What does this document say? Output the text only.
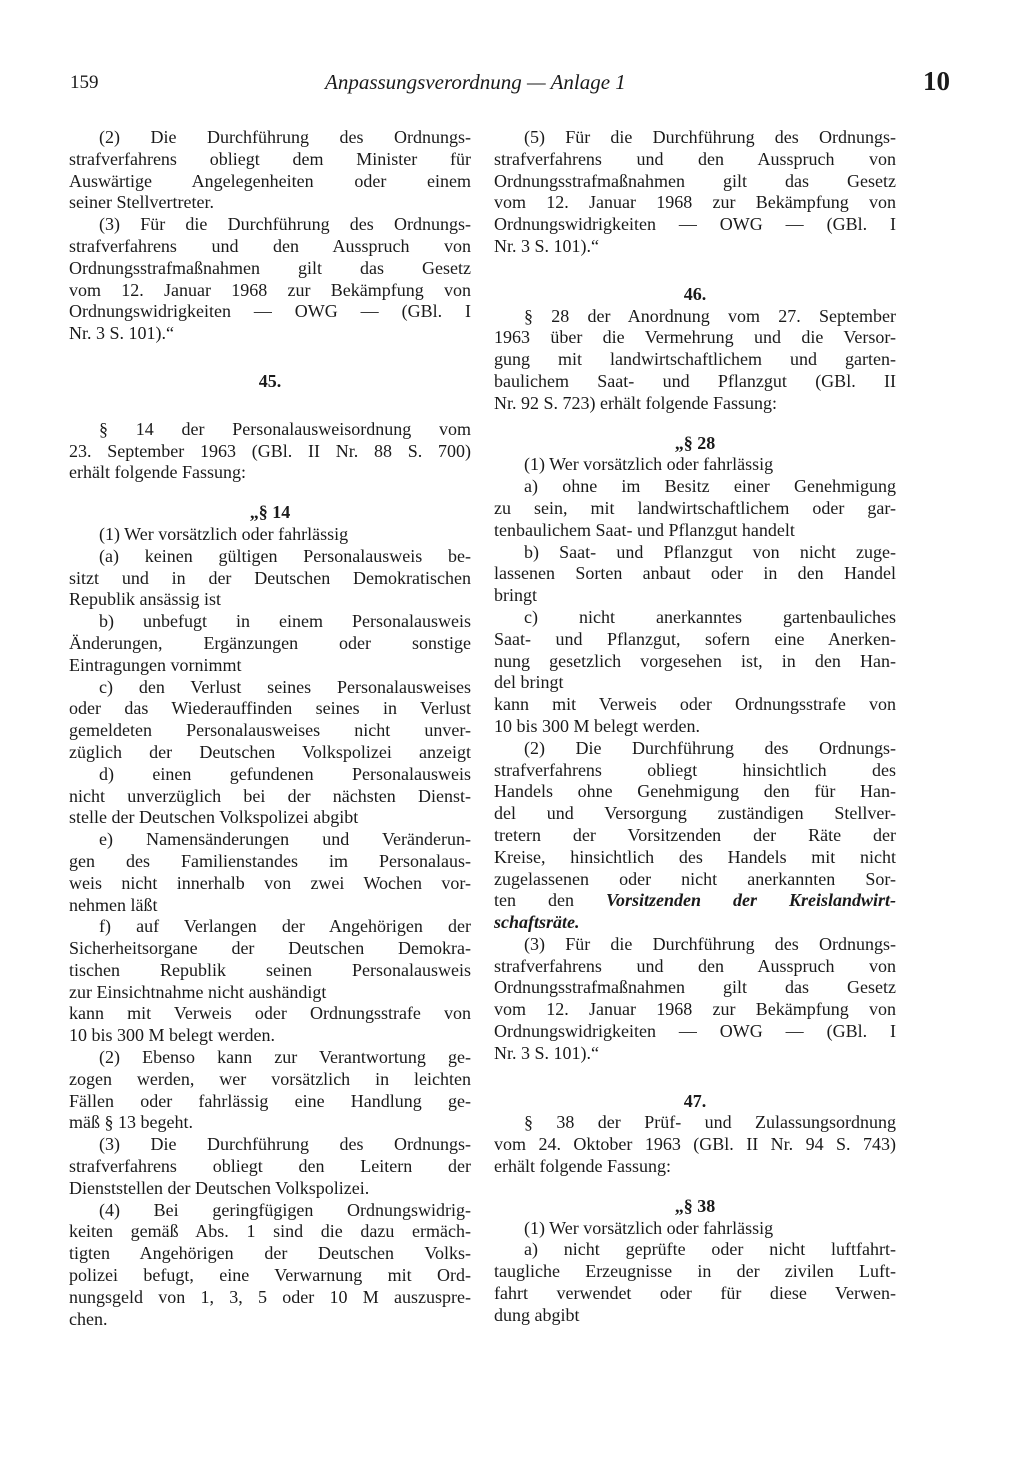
159	Anpassungsverordnung — Anlage 1	10
(2) Die Durchführung des Ordnungs-
strafverfahrens obliegt dem Minister für
Auswärtige Angelegenheiten oder einem
seiner Stellvertreter.
(3) Für die Durchführung des Ordnungs-
strafverfahrens und den Ausspruch von
Ordnungsstrafmaßnahmen gilt das Gesetz
vom 12. Januar 1968 zur Bekämpfung von
Ordnungswidrigkeiten — OWG — (GBl. I
Nr. 3 S. 101).“
45.
§ 14 der Personalausweisordnung vom
23. September 1963 (GBl. II Nr. 88 S. 700)
erhält folgende Fassung:
„§ 14
(1) Wer vorsätzlich oder fahrlässig
(a) keinen gültigen Personalausweis be-
sitzt und in der Deutschen Demokratischen
Republik ansässig ist
b) unbefugt in einem Personalausweis
Änderungen, Ergänzungen oder sonstige
Eintragungen vornimmt
c) den Verlust seines Personalausweises
oder das Wiederauffinden seines in Verlust
gemeldeten Personalausweises nicht unver-
züglich der Deutschen Volkspolizei anzeigt
d) einen gefundenen Personalausweis
nicht unverzüglich bei der nächsten Dienst-
stelle der Deutschen Volkspolizei abgibt
e) Namensänderungen und Veränderun-
gen des Familienstandes im Personalaus-
weis nicht innerhalb von zwei Wochen vor-
nehmen läßt
f) auf Verlangen der Angehörigen der
Sicherheitsorgane der Deutschen Demokra-
tischen Republik seinen Personalausweis
zur Einsichtnahme nicht aushändigt
kann mit Verweis oder Ordnungsstrafe von
10 bis 300 M belegt werden.
(2) Ebenso kann zur Verantwortung ge-
zogen werden, wer vorsätzlich in leichten
Fällen oder fahrlässig eine Handlung ge-
mäß § 13 begeht.
(3) Die Durchführung des Ordnungs-
strafverfahrens obliegt den Leitern der
Dienststellen der Deutschen Volkspolizei.
(4) Bei geringfügigen Ordnungswidrig-
keiten gemäß Abs. 1 sind die dazu ermäch-
tigten Angehörigen der Deutschen Volks-
polizei befugt, eine Verwarnung mit Ord-
nungsgeld von 1, 3, 5 oder 10 M auszuspre-
chen.
(5) Für die Durchführung des Ordnungs-
strafverfahrens und den Ausspruch von
Ordnungsstrafmaßnahmen gilt das Gesetz
vom 12. Januar 1968 zur Bekämpfung von
Ordnungswidrigkeiten — OWG — (GBl. I
Nr. 3 S. 101).“
46.
§ 28 der Anordnung vom 27. September
1963 über die Vermehrung und die Versor-
gung mit landwirtschaftlichem und garten-
baulichem Saat- und Pflanzgut (GBl. II
Nr. 92 S. 723) erhält folgende Fassung:
„§ 28
(1) Wer vorsätzlich oder fahrlässig
a) ohne im Besitz einer Genehmigung
zu sein, mit landwirtschaftlichem oder gar-
tenbaulichem Saat- und Pflanzgut handelt
b) Saat- und Pflanzgut von nicht zuge-
lassenen Sorten anbaut oder in den Handel
bringt
c) nicht anerkanntes gartenbauliches
Saat- und Pflanzgut, sofern eine Anerken-
nung gesetzlich vorgesehen ist, in den Han-
del bringt
kann mit Verweis oder Ordnungsstrafe von
10 bis 300 M belegt werden.
(2) Die Durchführung des Ordnungs-
strafverfahrens obliegt hinsichtlich des
Handels ohne Genehmigung den für Han-
del und Versorgung zuständigen Stellver-
tretern der Vorsitzenden der Räte der
Kreise, hinsichtlich des Handels mit nicht
zugelassenen oder nicht anerkannten Sor-
ten den Vorsitzenden der Kreislandwirt-
schaftsräte.
(3) Für die Durchführung des Ordnungs-
strafverfahrens und den Ausspruch von
Ordnungsstrafmaßnahmen gilt das Gesetz
vom 12. Januar 1968 zur Bekämpfung von
Ordnungswidrigkeiten — OWG — (GBl. I
Nr. 3 S. 101).“
47.
§ 38 der Prüf- und Zulassungsordnung
vom 24. Oktober 1963 (GBl. II Nr. 94 S. 743)
erhält folgende Fassung:
„§ 38
(1) Wer vorsätzlich oder fahrlässig
a) nicht geprüfte oder nicht luftfahrt-
taugliche Erzeugnisse in der zivilen Luft-
fahrt verwendet oder für diese Verwen-
dung abgibt
